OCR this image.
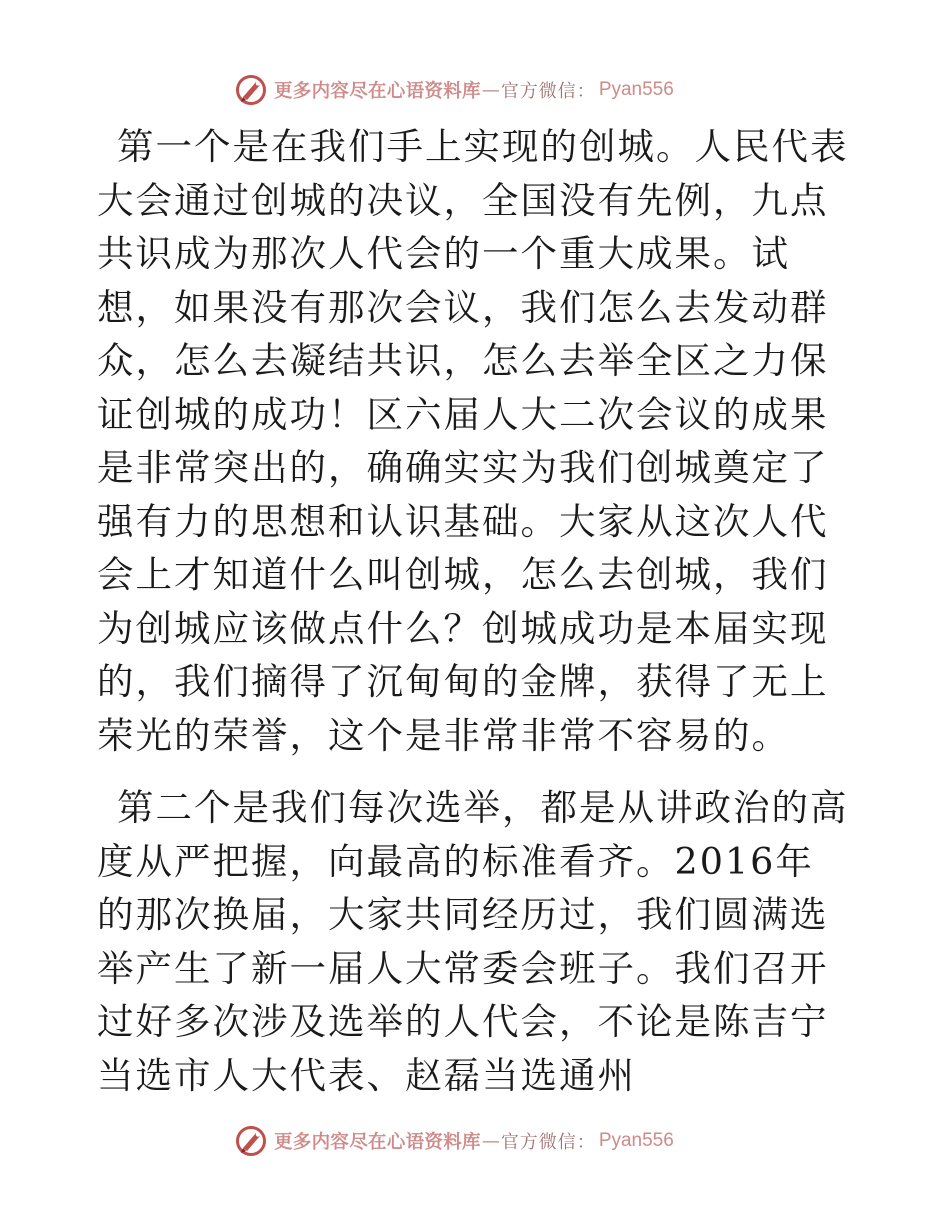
更多内容尽在心语资料库 — 官方微信： Pyan556

第一个是在我们手上实现的创城。人民代表大会通过创城的决议，全国没有先例，九点共识成为那次人代会的一个重大成果。试想，如果没有那次会议，我们怎么去发动群众，怎么去凝结共识，怎么去举全区之力保证创城的成功！区六届人大二次会议的成果是非常突出的，确确实实为我们创城奠定了强有力的思想和认识基础。大家从这次人代会上才知道什么叫创城，怎么去创城，我们为创城应该做点什么？创城成功是本届实现的，我们摘得了沉甸甸的金牌，获得了无上荣光的荣誉，这个是非常非常不容易的。

第二个是我们每次选举，都是从讲政治的高度从严把握，向最高的标准看齐。2016年的那次换届，大家共同经历过，我们圆满选举产生了新一届人大常委会班子。我们召开过好多次涉及选举的人代会，不论是陈吉宁当选市人大代表、赵磊当选通州

更多内容尽在心语资料库 — 官方微信： Pyan556
